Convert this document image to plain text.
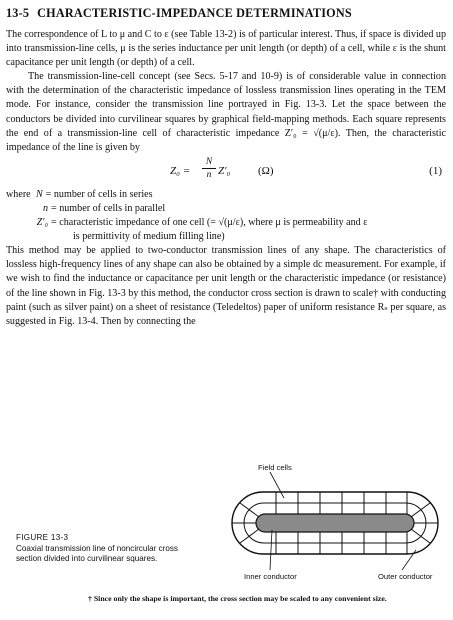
13-5 CHARACTERISTIC-IMPEDANCE DETERMINATIONS

The correspondence of L to μ and C to ε (see Table 13-2) is of particular interest. Thus, if space is divided up into transmission-line cells, μ is the series inductance per unit length (or depth) of a cell, while ε is the shunt capacitance per unit length (or depth) of a cell.

The transmission-line-cell concept (see Secs. 5-17 and 10-9) is of considerable value in connection with the determination of the characteristic impedance of lossless transmission lines operating in the TEM mode. For instance, consider the transmission line portrayed in Fig. 13-3. Let the space between the conductors be divided into curvilinear squares by graphical field-mapping methods. Each square represents the end of a transmission-line cell of characteristic impedance Z′₀ = √(μ/ε). Then, the characteristic impedance of the line is given by

Z₀ =
N
n Z′₀	(Ω)	(1)
where N = number of cells in series
n = number of cells in parallel
Z′₀ = characteristic impedance of one cell (= √(μ/ε), where μ is permeability and ε
is permittivity of medium filling line)

This method may be applied to two-conductor transmission lines of any shape. The characteristics of lossless high-frequency lines of any shape can also be obtained by a simple dc measurement. For example, if we wish to find the inductance or capacitance per unit length or the characteristic impedance (or resistance) of the line shown in Fig. 13-3 by this method, the conductor cross section is drawn to scale† with conducting paint (such as silver paint) on a sheet of resistance (Teledeltos) paper of uniform resistance Rₛ per square, as suggested in Fig. 13-4. Then by connecting the

Field cells
Inner conductor	Outer conductor
FIGURE 13-3
Coaxial transmission line of noncircular cross section divided into curvilinear squares.
† Since only the shape is important, the cross section may be scaled to any convenient size.
